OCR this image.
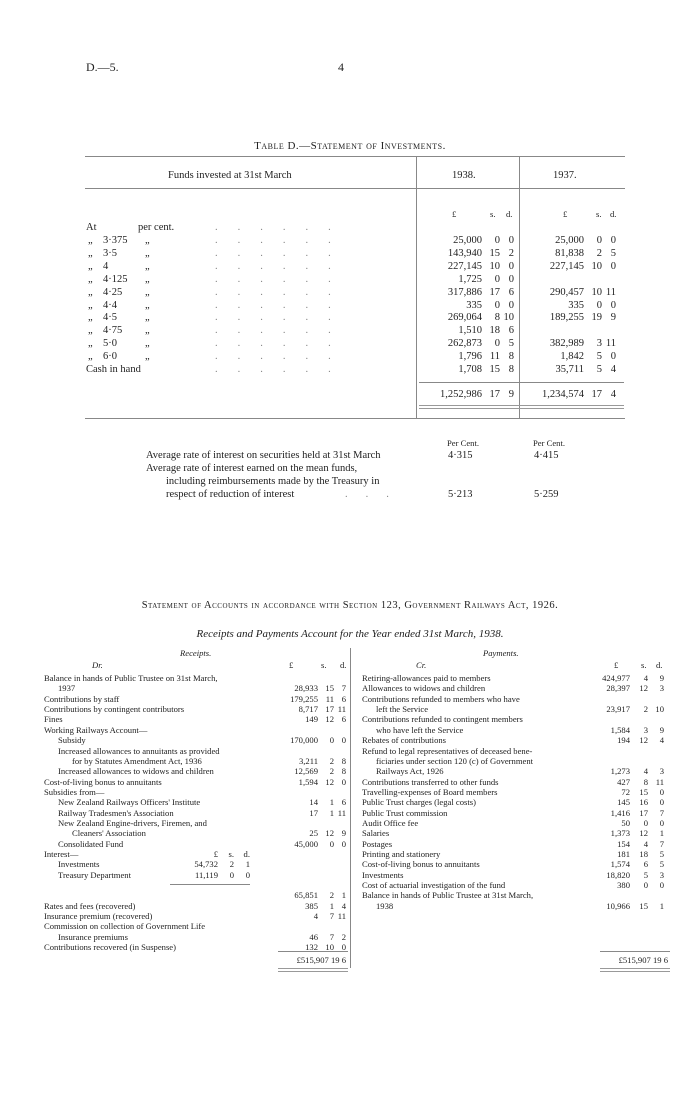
D.—5.	4
Table D.—Statement of Investments.
Funds invested at 31st March	1938.	1937.
£	s. d.	£	s. d.
At	per cent.	......
„ 3·375 „	......	25,000	0 0	25,000	0 0
„ 3·5	„	......	143,940 15 2	81,838	2 5
„ 4	„	......	227,145 10 0	227,145 10 0
„ 4·125 „	......	1,725	0 0
„ 4·25 „	......	317,886 17 6	290,457 10 11
„ 4·4	„	......	335	0 0	335	0 0
„ 4·5	„	......	269,064	8 10	189,255 19 9
„ 4·75 „	......	1,510 18 6
„ 5·0	„	......	262,873	0 5	382,989	3 11
„ 6·0	„	......	1,796 11 8	1,842	5 0
Cash in hand	......	1,708 15 8	35,711	5 4
1,252,986 17 9	1,234,574 17 4
Per Cent.	Per Cent.
Average rate of interest on securities held at 31st March	4·315	4·415
Average rate of interest earned on the mean funds,
including reimbursements made by the Treasury in
respect of reduction of interest	...	5·213	5·259
Statement of Accounts in accordance with Section 123, Government Railways Act, 1926.
Receipts and Payments Account for the Year ended 31st March, 1938.
Receipts.	Payments.
Dr.	Cr.
£	s. d.	£	s. d.
Balance in hands of Public Trustee on 31st March,
1937	28,933 15 7
Contributions by staff	179,255 11 6
Contributions by contingent contributors	8,717 17 11
Fines	149 12 6
Working Railways Account—
Subsidy	170,000	0 0
Increased allowances to annuitants as provided
for by Statutes Amendment Act, 1936	3,211	2 8
Increased allowances to widows and children	12,569	2 8
Cost-of-living bonus to annuitants	1,594 12 0
Subsidies from—
New Zealand Railways Officers' Institute	14	1 6
Railway Tradesmen's Association	17	1 11
New Zealand Engine-drivers, Firemen, and
Cleaners' Association	25 12 9
Consolidated Fund	45,000	0 0
Interest—	£	s.	d.
Investments	54,732	2	1
Treasury Department	11,119	0	0
65,851	2 1
Rates and fees (recovered)	385	1 4
Insurance premium (recovered)	4	7 11
Commission on collection of Government Life
Insurance premiums	46	7 2
Contributions recovered (in Suspense)	132 10 0
Retiring-allowances paid to members	424,977	4	9
Allowances to widows and children	28,397	12	3
Contributions refunded to members who have
left the Service	23,917	2 10
Contributions refunded to contingent members
who have left the Service	1,584	3	9
Rebates of contributions	194	12	4
Refund to legal representatives of deceased bene-
ficiaries under section 120 (c) of Government
Railways Act, 1926	1,273	4	3
Contributions transferred to other funds	427	8 11
Travelling-expenses of Board members	72	15	0
Public Trust charges (legal costs)	145	16	0
Public Trust commission	1,416	17	7
Audit Office fee	50	0	0
Salaries	1,373	12	1
Postages	154	4	7
Printing and stationery	181	18	5
Cost-of-living bonus to annuitants	1,574	6	5
Investments	18,820	5	3
Cost of actuarial investigation of the fund	380	0	0
Balance in hands of Public Trustee at 31st March,
1938	10,966	15	1
£515,907 19 6	£515,907 19 6
